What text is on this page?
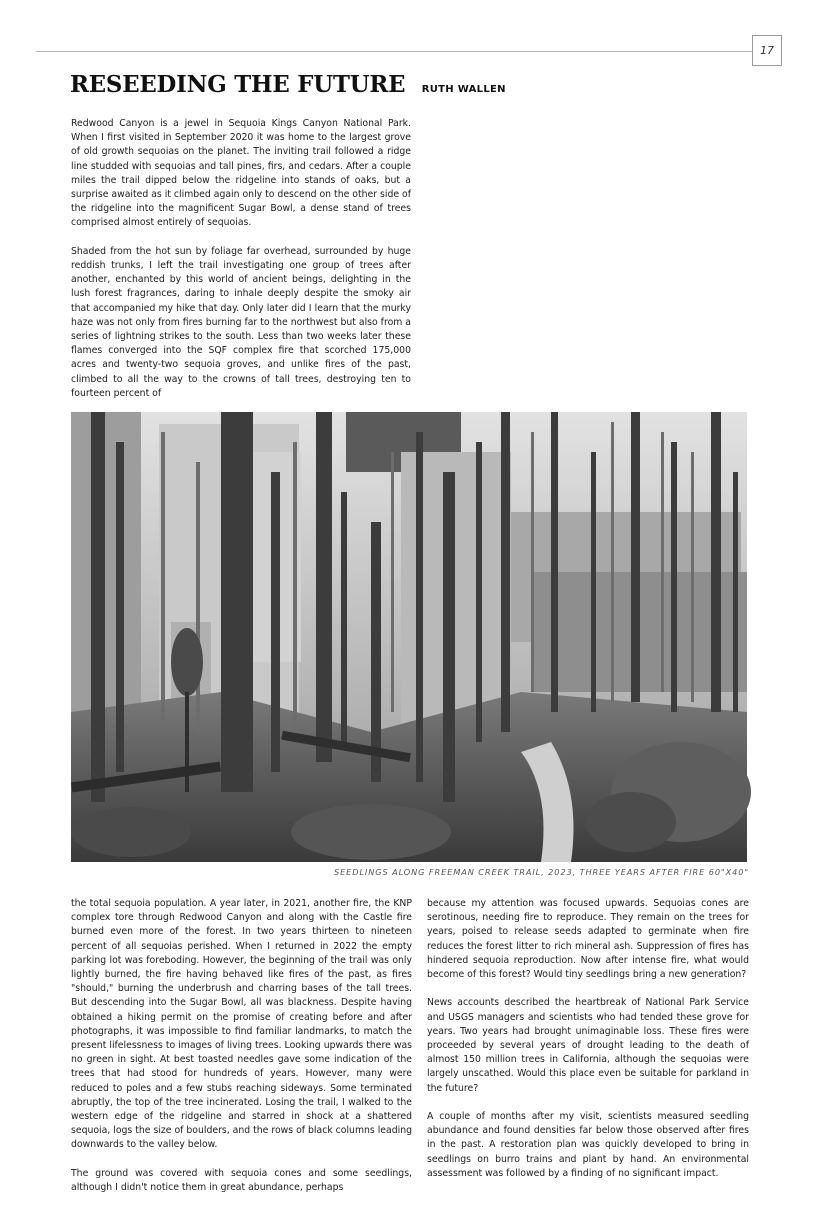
17
RESEEDING THE FUTURE RUTH WALLEN

Redwood Canyon is a jewel in Sequoia Kings Canyon National Park. When I first visited in September 2020 it was home to the largest grove of old growth sequoias on the planet. The inviting trail followed a ridge line studded with sequoias and tall pines, firs, and cedars. After a couple miles the trail dipped below the ridgeline into stands of oaks, but a surprise awaited as it climbed again only to descend on the other side of the ridgeline into the magnificent Sugar Bowl, a dense stand of trees comprised almost entirely of sequoias.

Shaded from the hot sun by foliage far overhead, surrounded by huge reddish trunks, I left the trail investigating one group of trees after another, enchanted by this world of ancient beings, delighting in the lush forest fragrances, daring to inhale deeply despite the smoky air that accompanied my hike that day. Only later did I learn that the murky haze was not only from fires burning far to the northwest but also from a series of lightning strikes to the south. Less than two weeks later these flames converged into the SQF complex fire that scorched 175,000 acres and twenty-two sequoia groves, and unlike fires of the past, climbed to all the way to the crowns of tall trees, destroying ten to fourteen percent of

SEEDLINGS ALONG FREEMAN CREEK TRAIL, 2023, THREE YEARS AFTER FIRE 60"X40"

the total sequoia population. A year later, in 2021, another fire, the KNP complex tore through Redwood Canyon and along with the Castle fire burned even more of the forest. In two years thirteen to nineteen percent of all sequoias perished. When I returned in 2022 the empty parking lot was foreboding. However, the beginning of the trail was only lightly burned, the fire having behaved like fires of the past, as fires "should," burning the underbrush and charring bases of the tall trees. But descending into the Sugar Bowl, all was blackness. Despite having obtained a hiking permit on the promise of creating before and after photographs, it was impossible to find familiar landmarks, to match the present lifelessness to images of living trees. Looking upwards there was no green in sight. At best toasted needles gave some indication of the trees that had stood for hundreds of years. However, many were reduced to poles and a few stubs reaching sideways. Some terminated abruptly, the top of the tree incinerated. Losing the trail, I walked to the western edge of the ridgeline and starred in shock at a shattered sequoia, logs the size of boulders, and the rows of black columns leading downwards to the valley below.

The ground was covered with sequoia cones and some seedlings, although I didn't notice them in great abundance, perhaps

because my attention was focused upwards. Sequoias cones are serotinous, needing fire to reproduce. They remain on the trees for years, poised to release seeds adapted to germinate when fire reduces the forest litter to rich mineral ash. Suppression of fires has hindered sequoia reproduction. Now after intense fire, what would become of this forest? Would tiny seedlings bring a new generation?

News accounts described the heartbreak of National Park Service and USGS managers and scientists who had tended these grove for years. Two years had brought unimaginable loss. These fires were proceeded by several years of drought leading to the death of almost 150 million trees in California, although the sequoias were largely unscathed. Would this place even be suitable for parkland in the future?

A couple of months after my visit, scientists measured seedling abundance and found densities far below those observed after fires in the past. A restoration plan was quickly developed to bring in seedlings on burro trains and plant by hand. An environmental assessment was followed by a finding of no significant impact.
